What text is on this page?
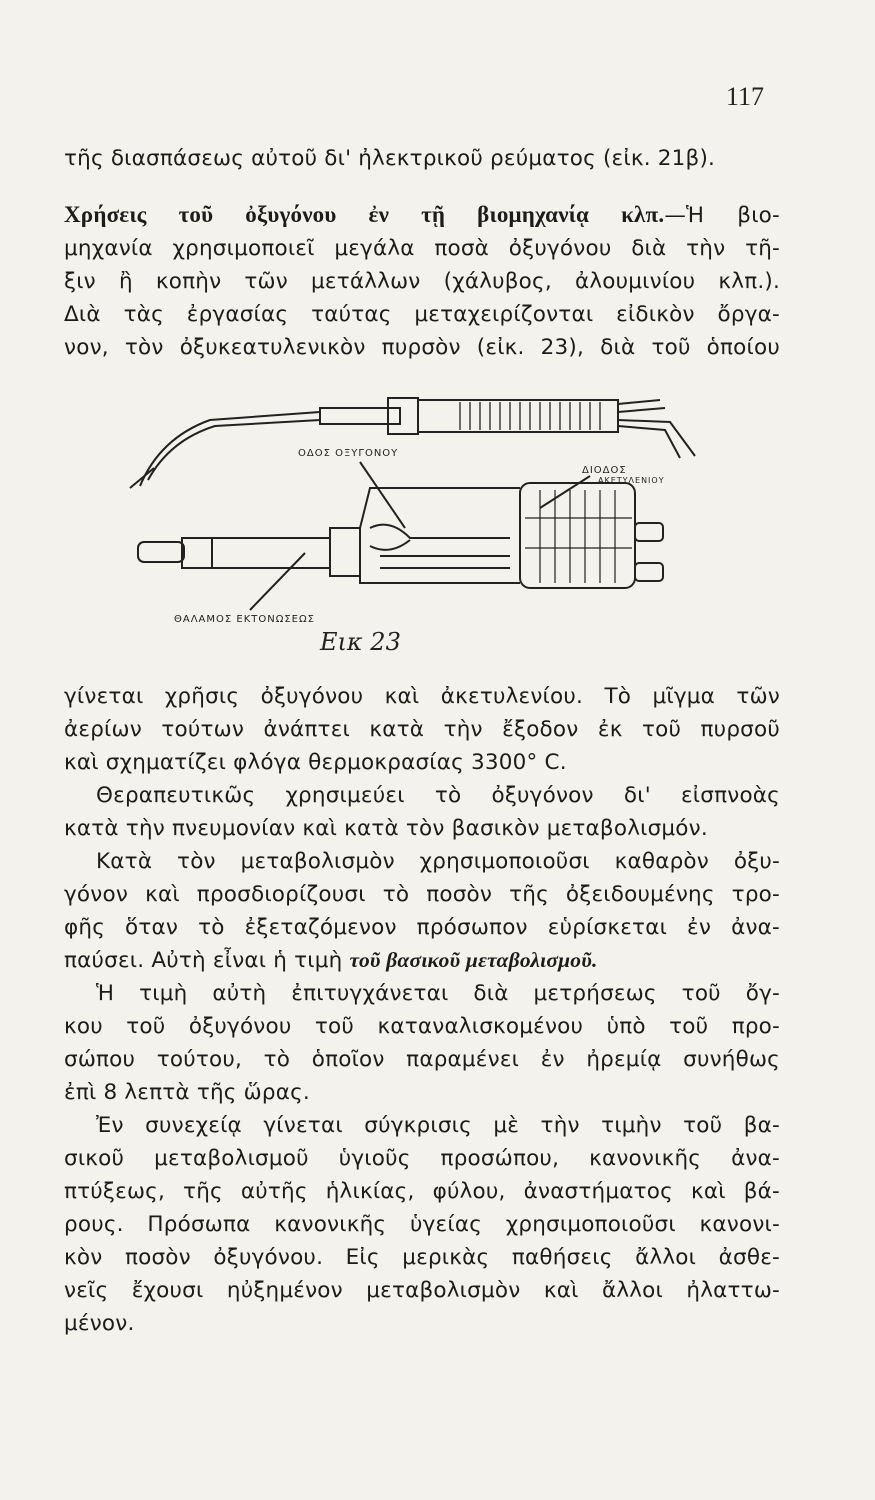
117
τῆς διασπάσεως αὐτοῦ δι' ἠλεκτρικοῦ ρεύματος (εἰκ. 21β).
Χρήσεις τοῦ ὀξυγόνου ἐν τῇ βιομηχανίᾳ κλπ.—Ἡ βιο-
μηχανία χρησιμοποιεῖ μεγάλα ποσὰ ὀξυγόνου διὰ τὴν τῆ-
ξιν ἢ κοπὴν τῶν μετάλλων (χάλυβος, ἀλουμινίου κλπ.).
Διὰ τὰς ἐργασίας ταύτας μεταχειρίζονται εἰδικὸν ὄργα-
νον, τὸν ὀξυκεατυλενικὸν πυρσὸν (εἰκ. 23), διὰ τοῦ ὁποίου
ΟΔΟΣ ΟΞΥΓΟΝΟΥ
ΔΙΟΔΟΣ
ΑΚΕΤΥΛΕΝΙΟΥ
ΘΑΛΑΜΟΣ ΕΚΤΟΝΩΣΕΩΣ
Εικ 23
γίνεται χρῆσις ὀξυγόνου καὶ ἀκετυλενίου. Τὸ μῖγμα τῶν
ἀερίων τούτων ἀνάπτει κατὰ τὴν ἔξοδον ἐκ τοῦ πυρσοῦ
καὶ σχηματίζει φλόγα θερμοκρασίας 3300° C.
Θεραπευτικῶς χρησιμεύει τὸ ὀξυγόνον δι' εἰσπνοὰς
κατὰ τὴν πνευμονίαν καὶ κατὰ τὸν βασικὸν μεταβολισμόν.
Κατὰ τὸν μεταβολισμὸν χρησιμοποιοῦσι καθαρὸν ὀξυ-
γόνον καὶ προσδιορίζουσι τὸ ποσὸν τῆς ὀξειδουμένης τρο-
φῆς ὅταν τὸ ἐξεταζόμενον πρόσωπον εὑρίσκεται ἐν ἀνα-
παύσει. Αὐτὴ εἶναι ἡ τιμὴ τοῦ βασικοῦ μεταβολισμοῦ.
Ἡ τιμὴ αὐτὴ ἐπιτυγχάνεται διὰ μετρήσεως τοῦ ὄγ-
κου τοῦ ὀξυγόνου τοῦ καταναλισκομένου ὑπὸ τοῦ προ-
σώπου τούτου, τὸ ὁποῖον παραμένει ἐν ἠρεμίᾳ συνήθως
ἐπὶ 8 λεπτὰ τῆς ὥρας.
Ἐν συνεχείᾳ γίνεται σύγκρισις μὲ τὴν τιμὴν τοῦ βα-
σικοῦ μεταβολισμοῦ ὑγιοῦς προσώπου, κανονικῆς ἀνα-
πτύξεως, τῆς αὐτῆς ἡλικίας, φύλου, ἀναστήματος καὶ βά-
ρους. Πρόσωπα κανονικῆς ὑγείας χρησιμοποιοῦσι κανονι-
κὸν ποσὸν ὀξυγόνου. Εἰς μερικὰς παθήσεις ἄλλοι ἀσθε-
νεῖς ἔχουσι ηὐξημένον μεταβολισμὸν καὶ ἄλλοι ἠλαττω-
μένον.
